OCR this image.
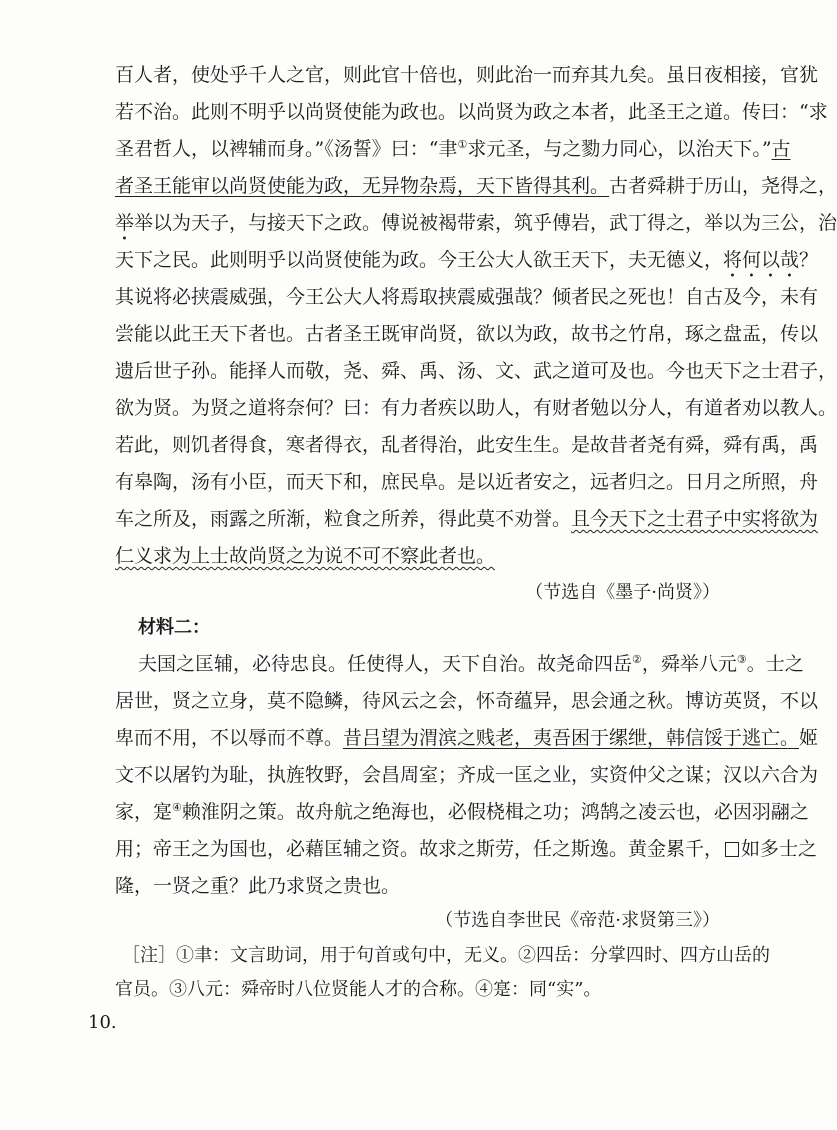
百人者，使处乎千人之官，则此官十倍也，则此治一而弃其九矣。虽日夜相接，官犹
若不治。此则不明乎以尚贤使能为政也。以尚贤为政之本者，此圣王之道。传曰：“求
圣君哲人，以裨辅而身。”《汤誓》曰：“聿①求元圣，与之勠力同心，以治天下。”古
者圣王能审以尚贤使能为政，无异物杂焉，天下皆得其利。古者舜耕于历山，尧得之，
举举以为天子，与接天下之政。傅说被褐带索，筑乎傅岩，武丁得之，举以为三公，治
天下之民。此则明乎以尚贤使能为政。今王公大人欲王天下，夫无德义，将何以哉？
其说将必挟震威强，今王公大人将焉取挟震威强哉？倾者民之死也！自古及今，未有
尝能以此王天下者也。古者圣王既审尚贤，欲以为政，故书之竹帛，琢之盘盂，传以
遗后世子孙。能择人而敬，尧、舜、禹、汤、文、武之道可及也。今也天下之士君子，
欲为贤。为贤之道将奈何？曰：有力者疾以助人，有财者勉以分人，有道者劝以教人。
若此，则饥者得食，寒者得衣，乱者得治，此安生生。是故昔者尧有舜，舜有禹，禹
有皋陶，汤有小臣，而天下和，庶民阜。是以近者安之，远者归之。日月之所照，舟
车之所及，雨露之所渐，粒食之所养，得此莫不劝誉。且今天下之士君子中实将欲为
仁义求为上士故尚贤之为说不可不察此者也。
（节选自《墨子·尚贤》）
材料二：
夫国之匡辅，必待忠良。任使得人，天下自治。故尧命四岳②，舜举八元③。士之
居世，贤之立身，莫不隐鳞，待风云之会，怀奇蕴异，思会通之秋。博访英贤，不以
卑而不用，不以辱而不尊。昔吕望为渭滨之贱老，夷吾困于缧绁，韩信馁于逃亡。姬
文不以屠钓为耻，执旌牧野，会昌周室；齐成一匡之业，实资仲父之谋；汉以六合为
家，寔④赖淮阴之策。故舟航之绝海也，必假桡楫之功；鸿鹄之凌云也，必因羽翮之
用；帝王之为国也，必藉匡辅之资。故求之斯劳，任之斯逸。黄金累千， 如多士之
隆，一贤之重？此乃求贤之贵也。
（节选自李世民《帝范·求贤第三》）
［注］①聿：文言助词，用于句首或句中，无义。②四岳：分掌四时、四方山岳的
官员。③八元：舜帝时八位贤能人才的合称。④寔：同“实”。
10.
